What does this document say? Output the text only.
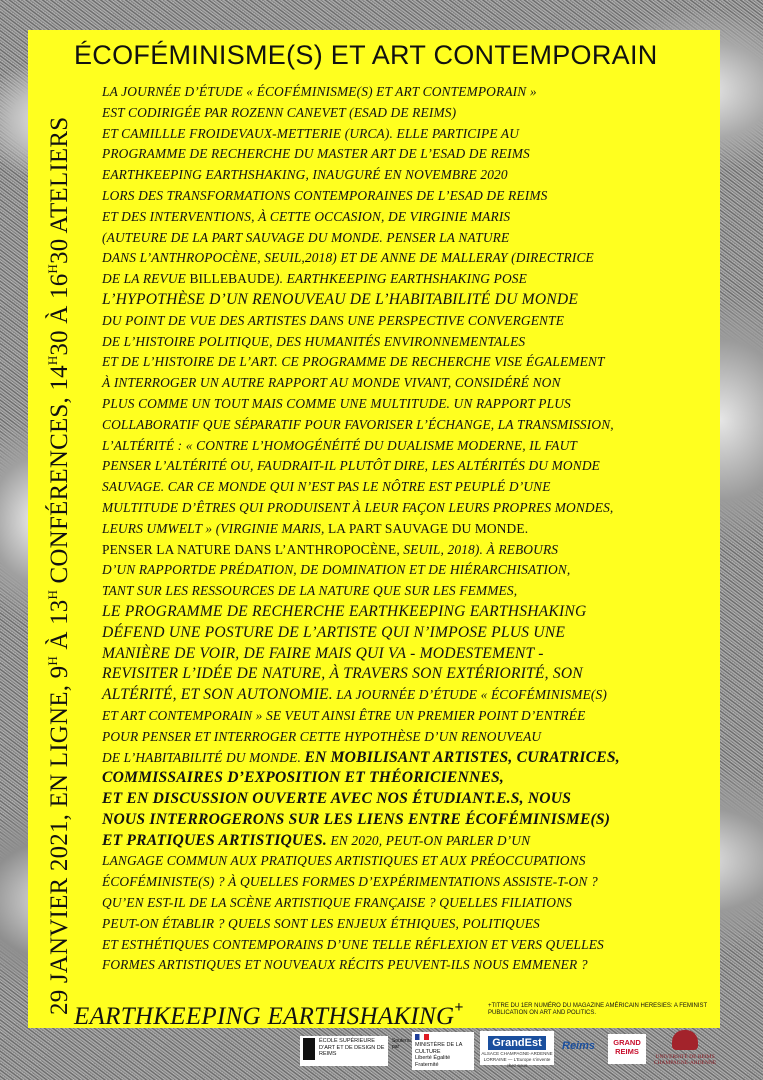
29 JANVIER 2021, EN LIGNE, $9^H$ À $13^H$ CONFÉRENCES, $14^H30$ À $16^H30$ ATELIERS
ÉCOFÉMINISME(S) ET ART CONTEMPORAIN
LA JOURNÉE D’ÉTUDE « ÉCOFÉMINISME(S) ET ART CONTEMPORAIN »
EST CODIRIGÉE PAR ROZENN CANEVET (ESAD DE REIMS)
ET CAMILLLE FROIDEVAUX-METTERIE (URCA). ELLE PARTICIPE AU
PROGRAMME DE RECHERCHE DU MASTER ART DE L’ESAD DE REIMS
EARTHKEEPING EARTHSHAKING, INAUGURÉ EN NOVEMBRE 2020
LORS DES TRANSFORMATIONS CONTEMPORAINES DE L’ESAD DE REIMS
ET DES INTERVENTIONS, À CETTE OCCASION, DE VIRGINIE MARIS
(AUTEURE DE LA PART SAUVAGE DU MONDE. PENSER LA NATURE
DANS L’ANTHROPOCÈNE, SEUIL,2018) ET DE ANNE DE MALLERAY (DIRECTRICE
DE LA REVUE BILLEBAUDE). EARTHKEEPING EARTHSHAKING POSE
L’HYPOTHÈSE D’UN RENOUVEAU DE L’HABITABILITÉ DU MONDE
DU POINT DE VUE DES ARTISTES DANS UNE PERSPECTIVE CONVERGENTE
DE L’HISTOIRE POLITIQUE, DES HUMANITÉS ENVIRONNEMENTALES
ET DE L’HISTOIRE DE L’ART. CE PROGRAMME DE RECHERCHE VISE ÉGALEMENT
À INTERROGER UN AUTRE RAPPORT AU MONDE VIVANT, CONSIDÉRÉ NON
PLUS COMME UN TOUT MAIS COMME UNE MULTITUDE. UN RAPPORT PLUS
COLLABORATIF QUE SÉPARATIF POUR FAVORISER L’ÉCHANGE, LA TRANSMISSION,
L’ALTÉRITÉ : « CONTRE L’HOMOGÉNÉITÉ DU DUALISME MODERNE, IL FAUT
PENSER L’ALTÉRITÉ OU, FAUDRAIT-IL PLUTÔT DIRE, LES ALTÉRITÉS DU MONDE
SAUVAGE. CAR CE MONDE QUI N’EST PAS LE NÔTRE EST PEUPLÉ D’UNE
MULTITUDE D’ÊTRES QUI PRODUISENT À LEUR FAÇON LEURS PROPRES MONDES,
LEURS UMWELT » (VIRGINIE MARIS, LA PART SAUVAGE DU MONDE.
PENSER LA NATURE DANS L’ANTHROPOCÈNE, SEUIL, 2018). À REBOURS
D’UN RAPPORTDE PRÉDATION, DE DOMINATION ET DE HIÉRARCHISATION,
TANT SUR LES RESSOURCES DE LA NATURE QUE SUR LES FEMMES,
LE PROGRAMME DE RECHERCHE EARTHKEEPING EARTHSHAKING
DÉFEND UNE POSTURE DE L’ARTISTE QUI N’IMPOSE PLUS UNE
MANIÈRE DE VOIR, DE FAIRE MAIS QUI VA - MODESTEMENT -
REVISITER L’IDÉE DE NATURE, À TRAVERS SON EXTÉRIORITÉ, SON
ALTÉRITÉ, ET SON AUTONOMIE. LA JOURNÉE D’ÉTUDE « ÉCOFÉMINISME(S)
ET ART CONTEMPORAIN » SE VEUT AINSI ÊTRE UN PREMIER POINT D’ENTRÉE
POUR PENSER ET INTERROGER CETTE HYPOTHÈSE D’UN RENOUVEAU
DE L’HABITABILITÉ DU MONDE. EN MOBILISANT ARTISTES, CURATRICES,
COMMISSAIRES D’EXPOSITION ET THÉORICIENNES,
ET EN DISCUSSION OUVERTE AVEC NOS ÉTUDIANT.E.S, NOUS
NOUS INTERROGERONS SUR LES LIENS ENTRE ÉCOFÉMINISME(S)
ET PRATIQUES ARTISTIQUES. EN 2020, PEUT-ON PARLER D’UN
LANGAGE COMMUN AUX PRATIQUES ARTISTIQUES ET AUX PRÉOCCUPATIONS
ÉCOFÉMINISTE(S) ? À QUELLES FORMES D’EXPÉRIMENTATIONS ASSISTE-T-ON ?
QU’EN EST-IL DE LA SCÈNE ARTISTIQUE FRANÇAISE ? QUELLES FILIATIONS
PEUT-ON ÉTABLIR ? QUELS SONT LES ENJEUX ÉTHIQUES, POLITIQUES
ET ESTHÉTIQUES CONTEMPORAINS D’UNE TELLE RÉFLEXION ET VERS QUELLES
FORMES ARTISTIQUES ET NOUVEAUX RÉCITS PEUVENT-ILS NOUS EMMENER ?
EARTHKEEPING EARTHSHAKING+	+TITRE DU 1ER NUMÉRO DU MAGAZINE AMÉRICAIN HERESIES: A FEMINIST PUBLICATION ON ART AND POLITICS.
ÉCOLE SUPÉRIEURE D’ART ET DE DESIGN DE REIMS
Soutenu par	MINISTÈRE DE LA CULTURE
Liberté Égalité Fraternité
GrandEst
ALSACE CHAMPAGNE-ARDENNE LORRAINE — L’Europe s’invente chez nous
Reims	GRAND REIMS
UNIVERSITÉ DE REIMS CHAMPAGNE-ARDENNE
